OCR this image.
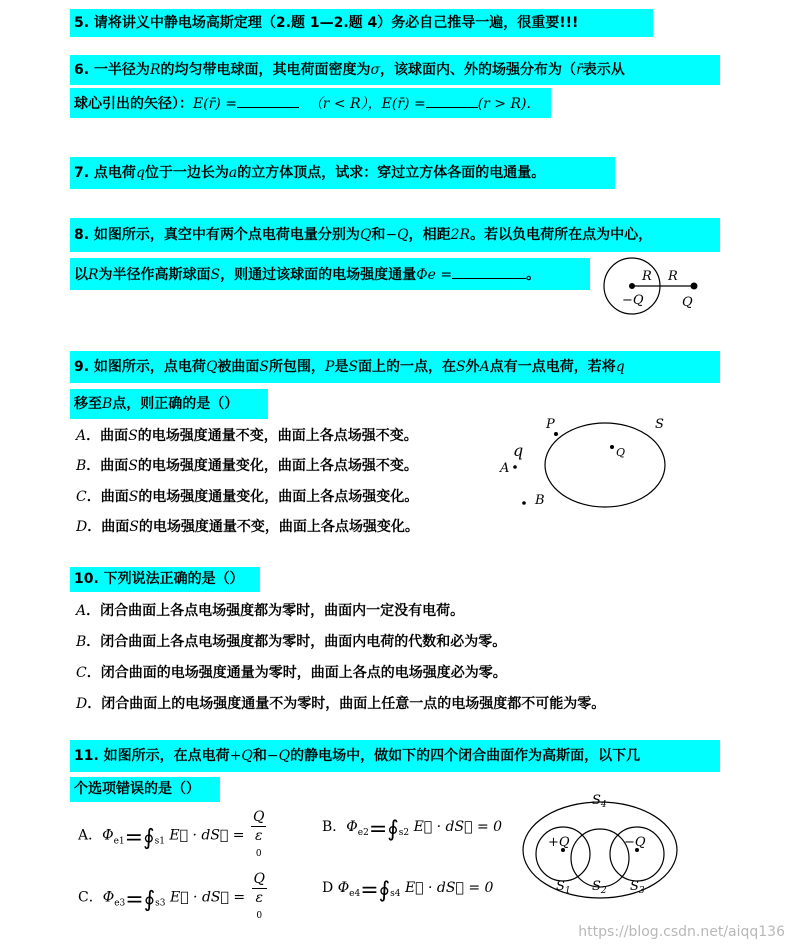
5. 请将讲义中静电场高斯定理（2.题 1—2.题 4）务必自己推导一遍，很重要!!!
6. 一半径为R的均匀带电球面，其电荷面密度为σ，该球面内、外的场强分布为（r̄表示从
球心引出的矢径）：E(r̄) =	（r < R），E(r̄) =	(r > R).
7. 点电荷q位于一边长为a的立方体顶点，试求：穿过立方体各面的电通量。
8. 如图所示，真空中有两个点电荷电量分别为Q和−Q，相距2R。若以负电荷所在点为中心，
以R为半径作高斯球面S，则通过该球面的电场强度通量Φe =	。	R R
−Q	Q
9. 如图所示，点电荷Q被曲面S所包围，P是S面上的一点，在S外A点有一点电荷，若将q
移至B点，则正确的是（）
A．曲面S的电场强度通量不变，曲面上各点场强不变。
B．曲面S的电场强度通量变化，曲面上各点场强不变。
C．曲面S的电场强度通量变化，曲面上各点场强变化。
D．曲面S的电场强度通量不变，曲面上各点场强变化。
P	S
q	Q
A
B
10. 下列说法正确的是（）
A．闭合曲面上各点电场强度都为零时，曲面内一定没有电荷。
B．闭合曲面上各点电场强度都为零时，曲面内电荷的代数和必为零。
C．闭合曲面的电场强度通量为零时，曲面上各点的电场强度必为零。
D．闭合曲面上的电场强度通量不为零时，曲面上任意一点的电场强度都不可能为零。
11. 如图所示，在点电荷+Q和−Q的静电场中，做如下的四个闭合曲面作为高斯面，以下几
个选项错误的是（）
A．$\Phi_{e1}=∮_{s1}$ E⃗ · dS⃗ = Q
ε
0	B．$\Phi_{e2}=∮_{s2}$ E⃗ · dS⃗ = 0
C．$\Phi_{e3}=∮_{s3}$ E⃗ · dS⃗ = Q
ε
0	D $\Phi_{e4}=∮_{s4}$ E⃗ · dS⃗ = 0
$S_4$
+Q	−Q
$S_1$ $S_2$ $S_3$
https://blog.csdn.net/aiqq136
